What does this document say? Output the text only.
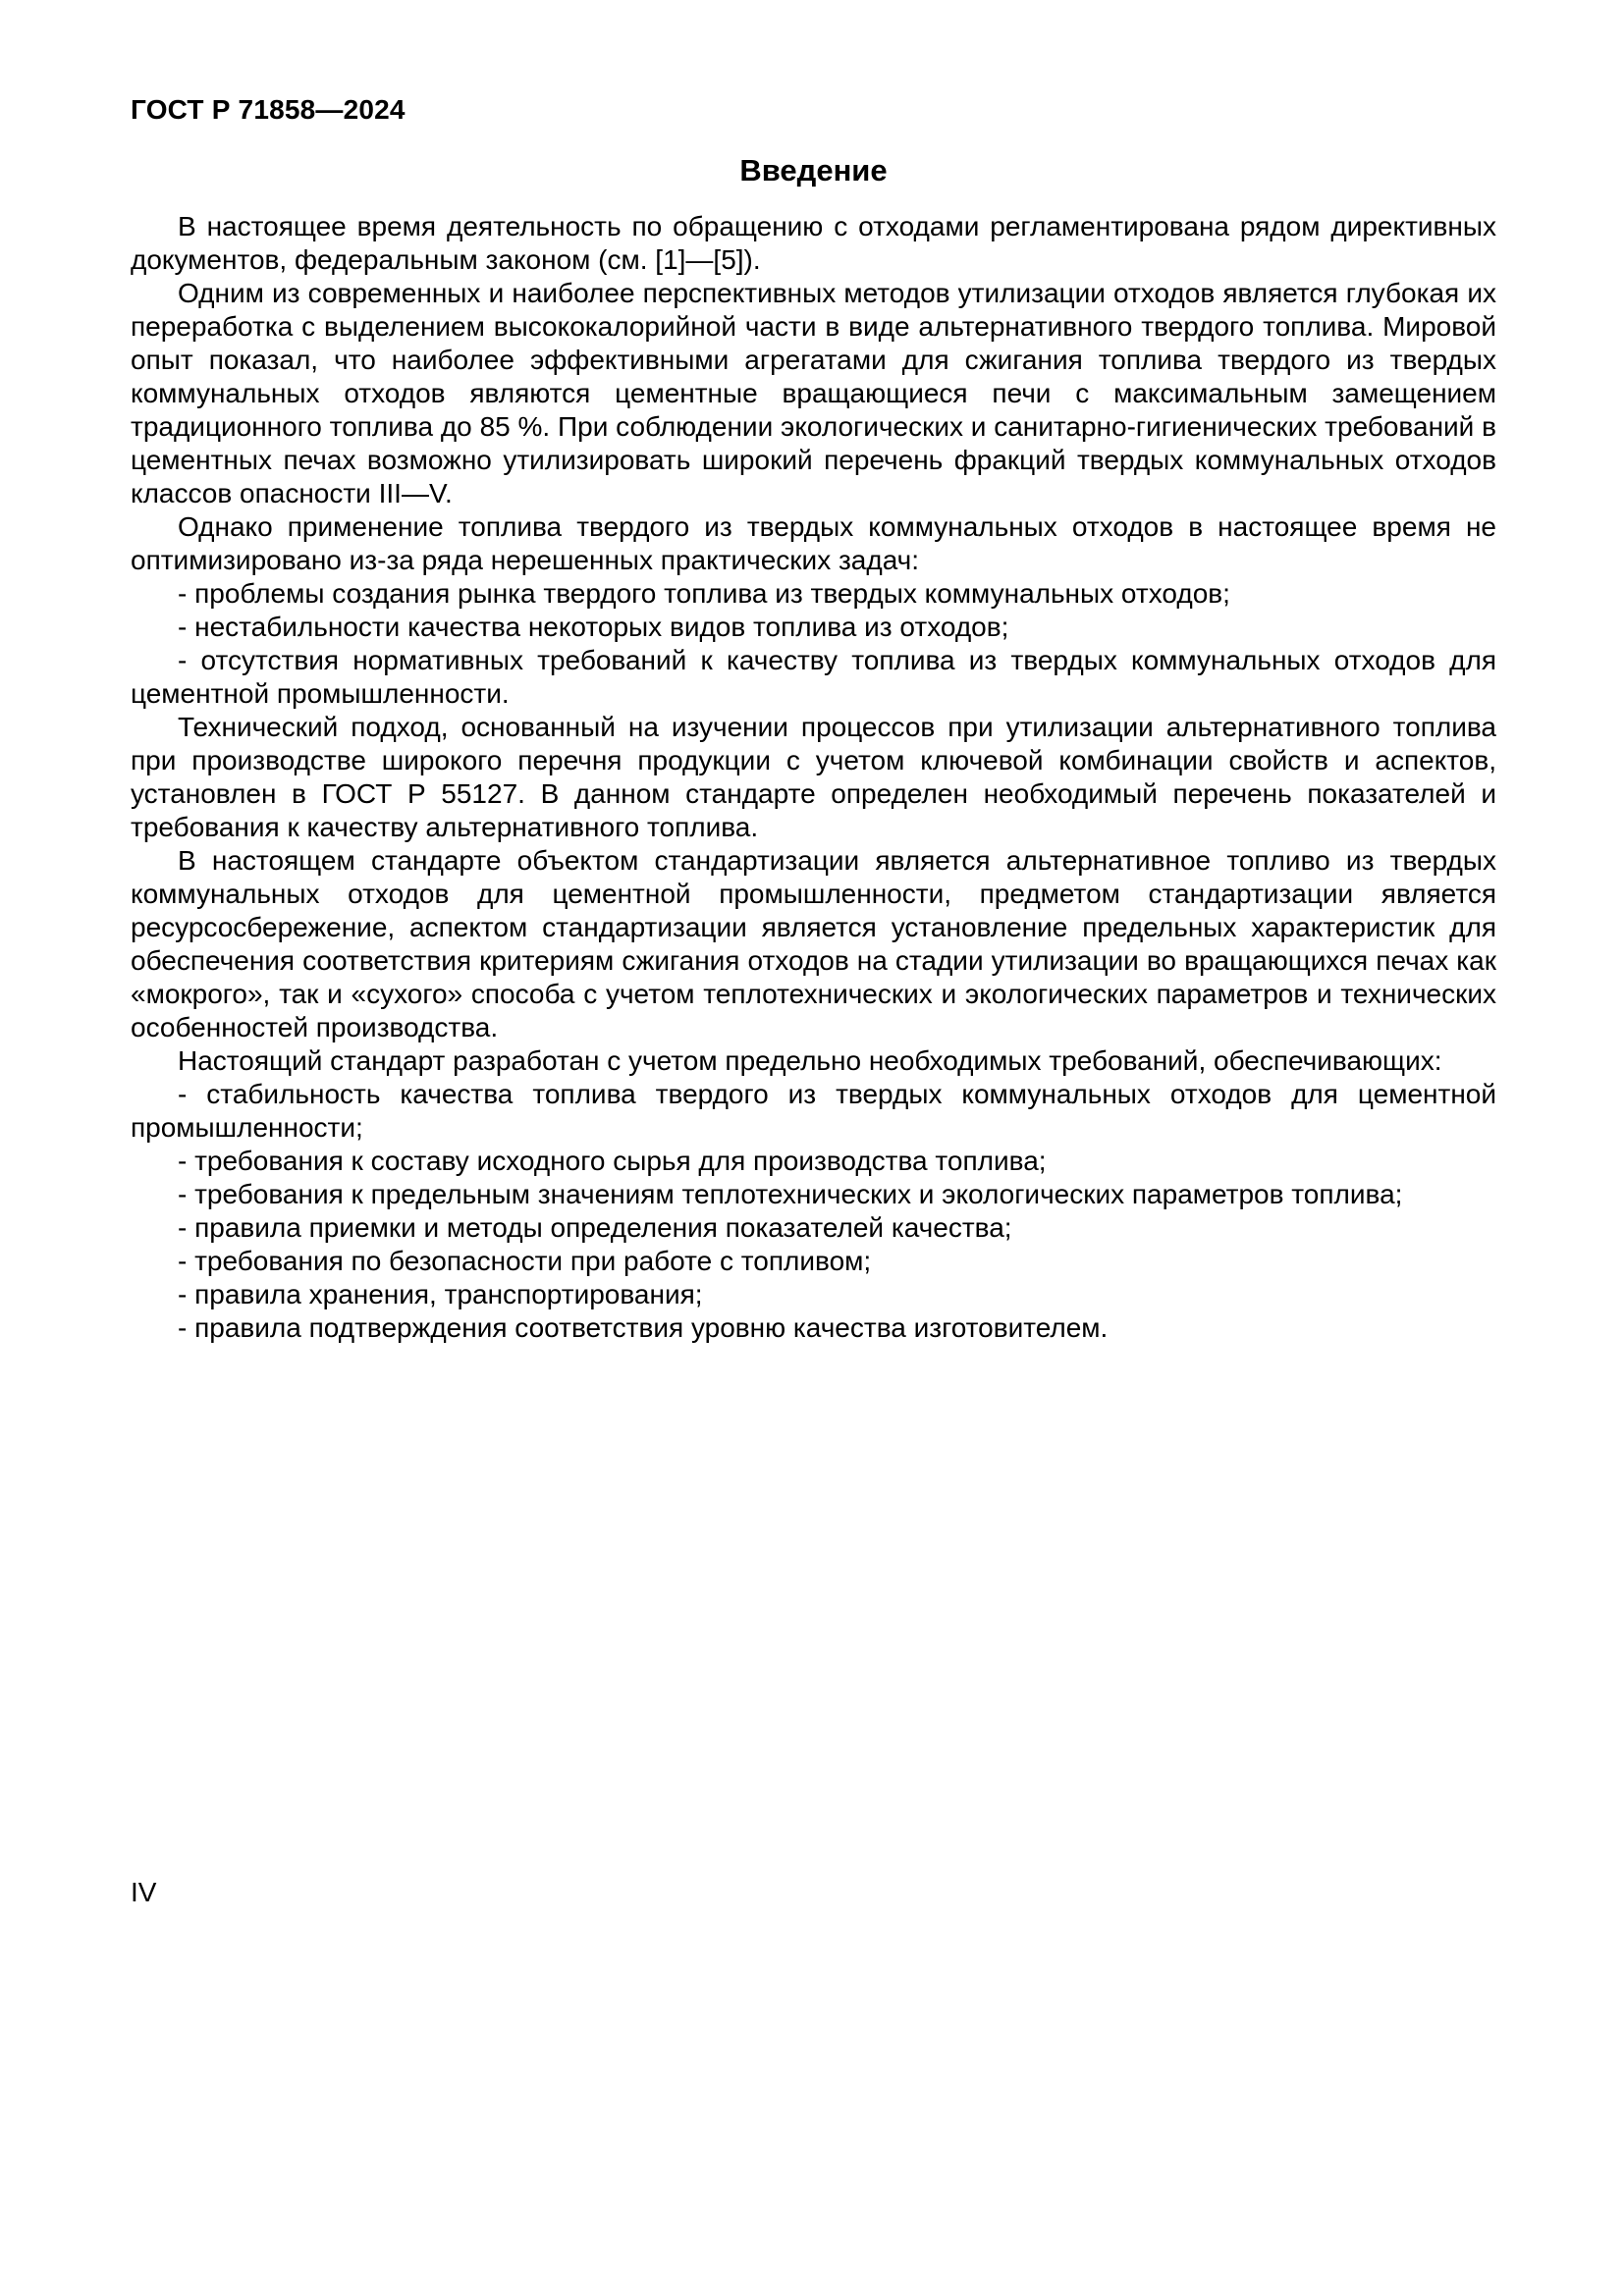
ГОСТ Р 71858—2024
Введение

В настоящее время деятельность по обращению с отходами регламентирована рядом директивных документов, федеральным законом (см. [1]—[5]).

Одним из современных и наиболее перспективных методов утилизации отходов является глубокая их переработка с выделением высококалорийной части в виде альтернативного твердого топлива. Мировой опыт показал, что наиболее эффективными агрегатами для сжигания топлива твердого из твердых коммунальных отходов являются цементные вращающиеся печи с максимальным замещением традиционного топлива до 85 %. При соблюдении экологических и санитарно-гигиенических требований в цементных печах возможно утилизировать широкий перечень фракций твердых коммунальных отходов классов опасности III—V.

Однако применение топлива твердого из твердых коммунальных отходов в настоящее время не оптимизировано из-за ряда нерешенных практических задач:

- проблемы создания рынка твердого топлива из твердых коммунальных отходов;

- нестабильности качества некоторых видов топлива из отходов;

- отсутствия нормативных требований к качеству топлива из твердых коммунальных отходов для цементной промышленности.

Технический подход, основанный на изучении процессов при утилизации альтернативного топлива при производстве широкого перечня продукции с учетом ключевой комбинации свойств и аспектов, установлен в ГОСТ Р 55127. В данном стандарте определен необходимый перечень показателей и требования к качеству альтернативного топлива.

В настоящем стандарте объектом стандартизации является альтернативное топливо из твердых коммунальных отходов для цементной промышленности, предметом стандартизации является ресурсосбережение, аспектом стандартизации является установление предельных характеристик для обеспечения соответствия критериям сжигания отходов на стадии утилизации во вращающихся печах как «мокрого», так и «сухого» способа с учетом теплотехнических и экологических параметров и технических особенностей производства.

Настоящий стандарт разработан с учетом предельно необходимых требований, обеспечивающих:

- стабильность качества топлива твердого из твердых коммунальных отходов для цементной промышленности;

- требования к составу исходного сырья для производства топлива;

- требования к предельным значениям теплотехнических и экологических параметров топлива;

- правила приемки и методы определения показателей качества;

- требования по безопасности при работе с топливом;

- правила хранения, транспортирования;

- правила подтверждения соответствия уровню качества изготовителем.

IV
